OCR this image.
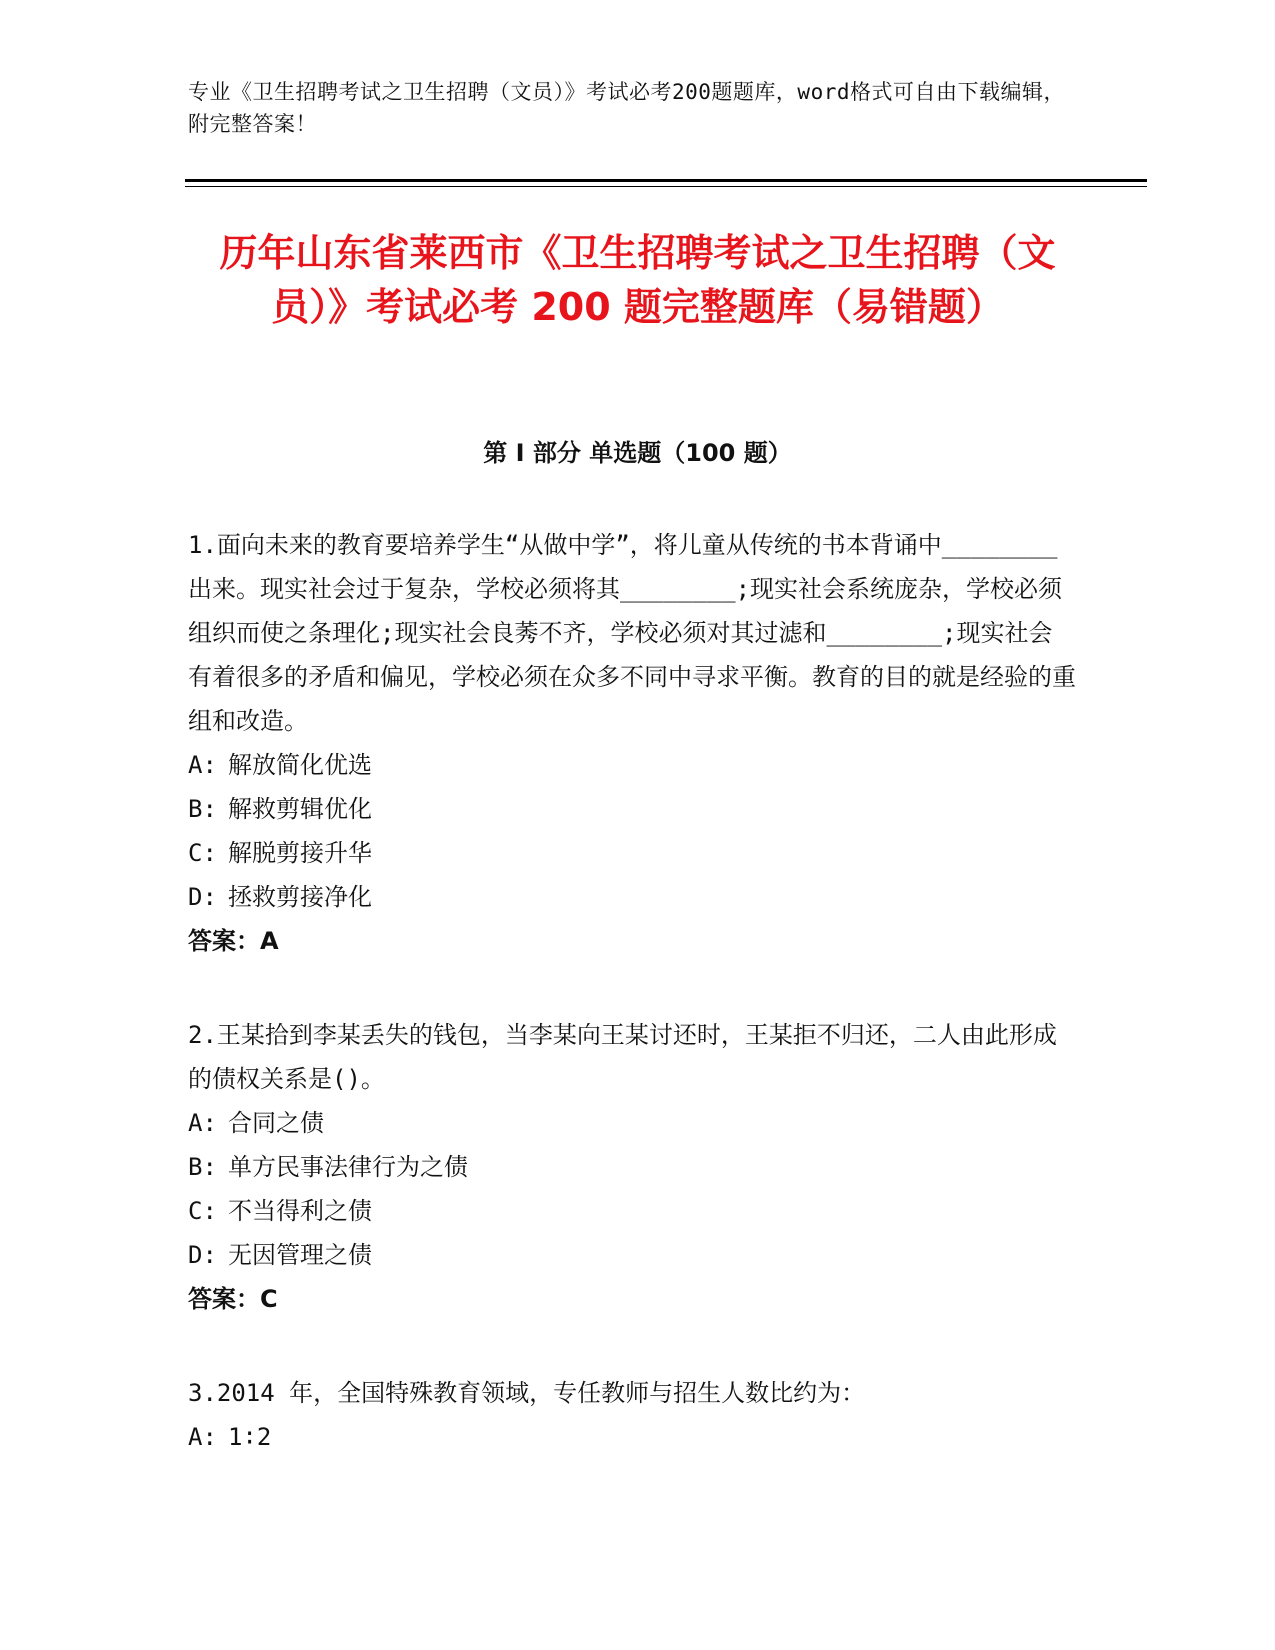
专业《卫生招聘考试之卫生招聘（文员）》考试必考200题题库，word格式可自由下载编辑，附完整答案！
历年山东省莱西市《卫生招聘考试之卫生招聘（文员）》考试必考 200 题完整题库（易错题）
第 I 部分 单选题（100 题）

1.面向未来的教育要培养学生“从做中学”，将儿童从传统的书本背诵中________出来。现实社会过于复杂，学校必须将其________;现实社会系统庞杂，学校必须组织而使之条理化;现实社会良莠不齐，学校必须对其过滤和________;现实社会有着很多的矛盾和偏见，学校必须在众多不同中寻求平衡。教育的目的就是经验的重组和改造。

A: 解放简化优选

B: 解救剪辑优化

C: 解脱剪接升华

D: 拯救剪接净化

答案：A

2.王某拾到李某丢失的钱包，当李某向王某讨还时，王某拒不归还，二人由此形成的债权关系是()。

A: 合同之债

B: 单方民事法律行为之债

C: 不当得利之债

D: 无因管理之债

答案：C

3.2014 年，全国特殊教育领域，专任教师与招生人数比约为：

A: 1∶2
